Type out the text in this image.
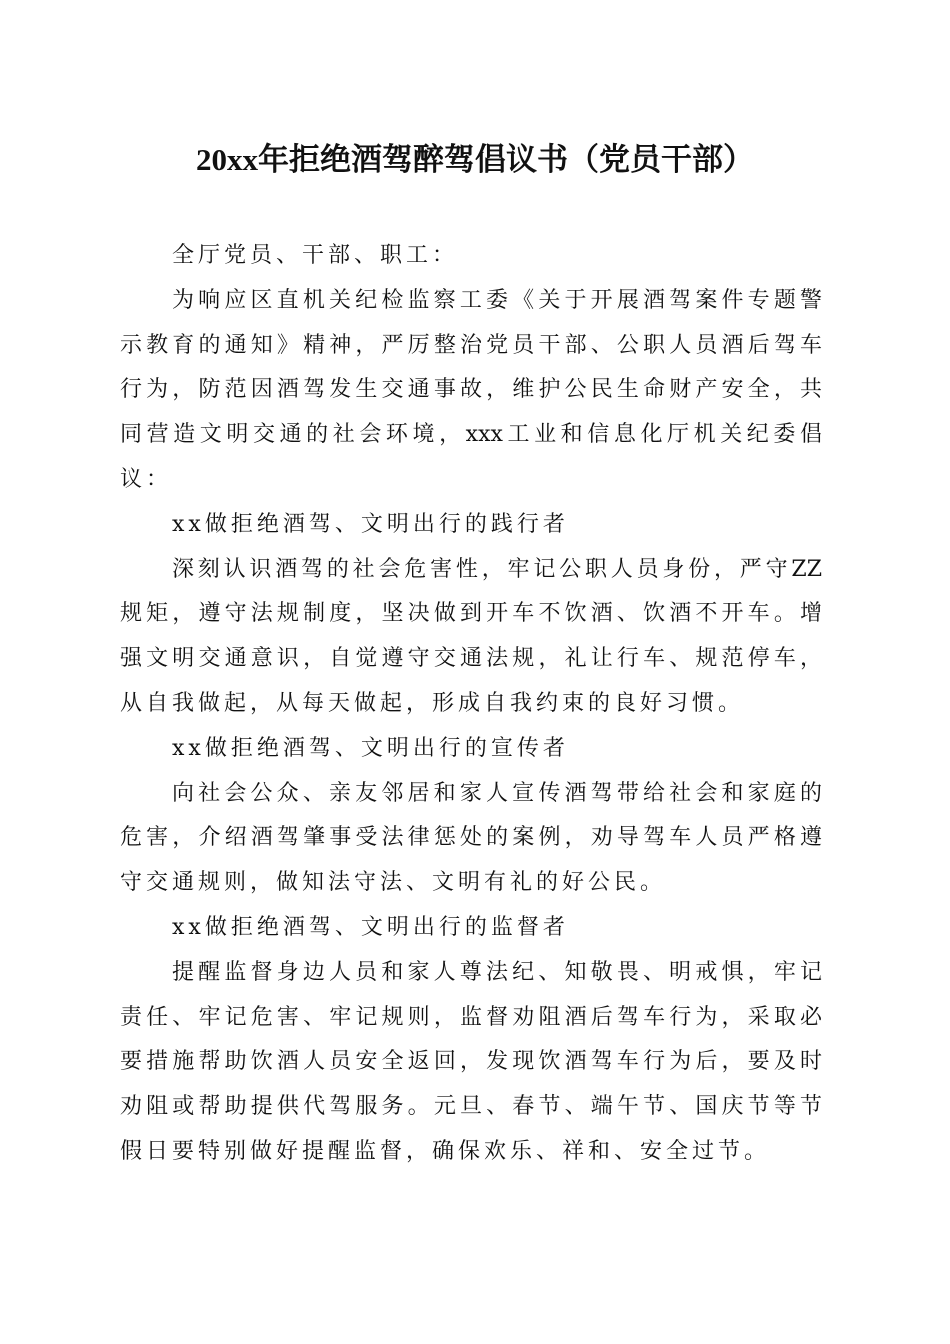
20xx年拒绝酒驾醉驾倡议书（党员干部）
全厅党员、干部、职工：
为响应区直机关纪检监察工委《关于开展酒驾案件专题警
示教育的通知》精神，严厉整治党员干部、公职人员酒后驾车
行为，防范因酒驾发生交通事故，维护公民生命财产安全，共
同营造文明交通的社会环境，xxx工业和信息化厅机关纪委倡
议：
xx做拒绝酒驾、文明出行的践行者
深刻认识酒驾的社会危害性，牢记公职人员身份，严守ZZ
规矩，遵守法规制度，坚决做到开车不饮酒、饮酒不开车。增
强文明交通意识，自觉遵守交通法规，礼让行车、规范停车，
从自我做起，从每天做起，形成自我约束的良好习惯。
xx做拒绝酒驾、文明出行的宣传者
向社会公众、亲友邻居和家人宣传酒驾带给社会和家庭的
危害，介绍酒驾肇事受法律惩处的案例，劝导驾车人员严格遵
守交通规则，做知法守法、文明有礼的好公民。
xx做拒绝酒驾、文明出行的监督者
提醒监督身边人员和家人尊法纪、知敬畏、明戒惧，牢记
责任、牢记危害、牢记规则，监督劝阻酒后驾车行为，采取必
要措施帮助饮酒人员安全返回，发现饮酒驾车行为后，要及时
劝阻或帮助提供代驾服务。元旦、春节、端午节、国庆节等节
假日要特别做好提醒监督，确保欢乐、祥和、安全过节。
